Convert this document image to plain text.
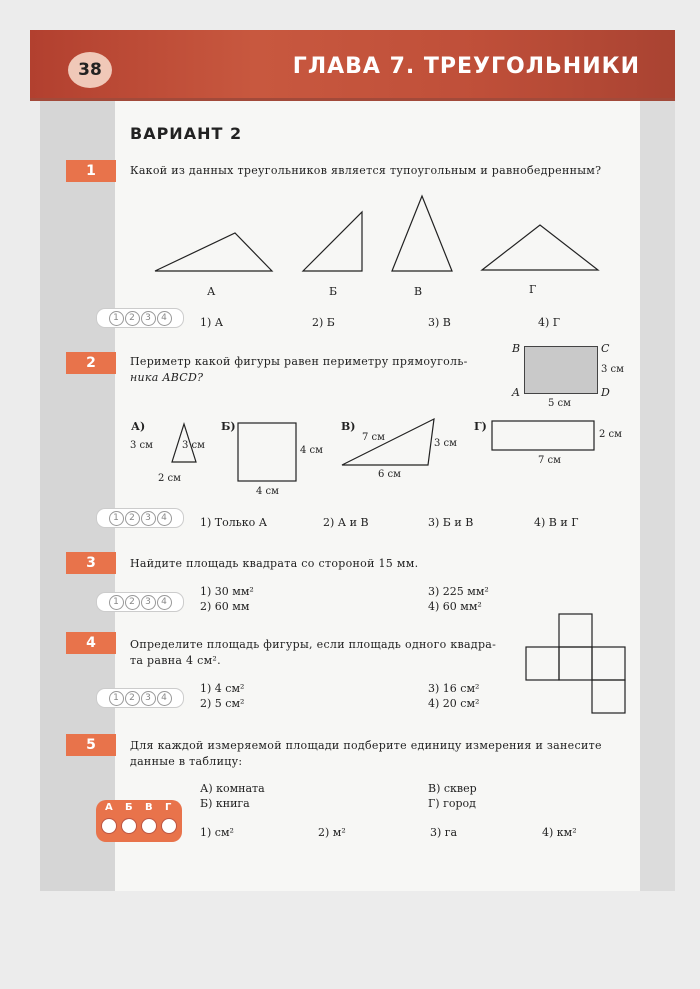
38	ГЛАВА 7. ТРЕУГОЛЬНИКИ
ВАРИАНТ 2
1	Какой из данных треугольников является тупоугольным и равнобедренным?
А	Б	В	Г
1	2	3	4	1) А	2) Б	3) В	4) Г
2	Периметр какой фигуры равен периметру прямоуголь-
ника ABCD?
B	C
A	D
3 см
5 см
А)
3 см	3 см
2 см
Б)
4 см
4 см
В)
7 см
3 см
6 см
Г)
2 см
7 см
1	2	3	4	1) Только А	2) А и В	3) Б и В	4) В и Г
3	Найдите площадь квадрата со стороной 15 мм.
1	2	3	4
1) 30 мм²
2) 60 мм
3) 225 мм²
4) 60 мм²
4	Определите площадь фигуры, если площадь одного квадра-
та равна 4 см².
1	2	3	4
1) 4 см²
2) 5 см²
3) 16 см²
4) 20 см²
5	Для каждой измеряемой площади подберите единицу измерения и занесите
данные в таблицу:
А) комната
Б) книга
В) сквер
Г) город
А Б В Г
1) см²	2) м²	3) га	4) км²
